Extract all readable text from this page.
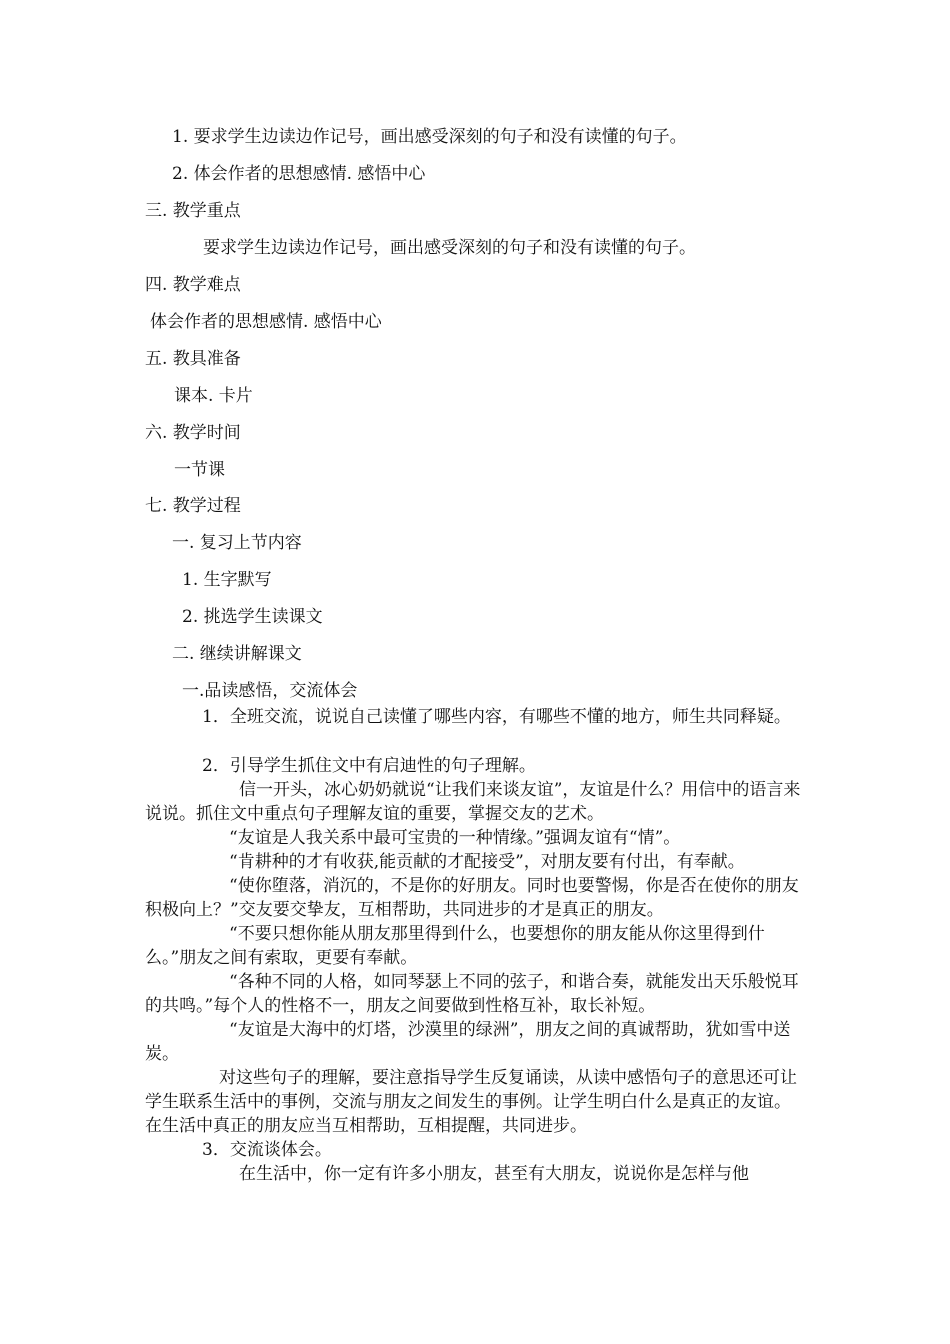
1. 要求学生边读边作记号，画出感受深刻的句子和没有读懂的句子。
2. 体会作者的思想感情. 感悟中心
三. 教学重点
要求学生边读边作记号，画出感受深刻的句子和没有读懂的句子。
四. 教学难点
体会作者的思想感情. 感悟中心
五. 教具准备
课本. 卡片
六. 教学时间
一节课
七. 教学过程
一. 复习上节内容
1. 生字默写
2. 挑选学生读课文
二. 继续讲解课文
一.品读感悟，交流体会
1．全班交流，说说自己读懂了哪些内容，有哪些不懂的地方，师生共同释疑。
2．引导学生抓住文中有启迪性的句子理解。
信一开头，冰心奶奶就说“让我们来谈友谊”，友谊是什么？用信中的语言来说说。抓住文中重点句子理解友谊的重要，掌握交友的艺术。
“友谊是人我关系中最可宝贵的一种情缘。”强调友谊有“情”。
“肯耕种的才有收获,能贡献的才配接受”，对朋友要有付出，有奉献。
“使你堕落，消沉的，不是你的好朋友。同时也要警惕，你是否在使你的朋友积极向上？”交友要交挚友，互相帮助，共同进步的才是真正的朋友。
“不要只想你能从朋友那里得到什么，也要想你的朋友能从你这里得到什么。”朋友之间有索取，更要有奉献。
“各种不同的人格，如同琴瑟上不同的弦子，和谐合奏，就能发出天乐般悦耳的共鸣。”每个人的性格不一，朋友之间要做到性格互补，取长补短。
“友谊是大海中的灯塔，沙漠里的绿洲”，朋友之间的真诚帮助，犹如雪中送炭。
对这些句子的理解，要注意指导学生反复诵读，从读中感悟句子的意思还可让学生联系生活中的事例，交流与朋友之间发生的事例。让学生明白什么是真正的友谊。在生活中真正的朋友应当互相帮助，互相提醒，共同进步。
3．交流谈体会。
在生活中，你一定有许多小朋友，甚至有大朋友，说说你是怎样与他
